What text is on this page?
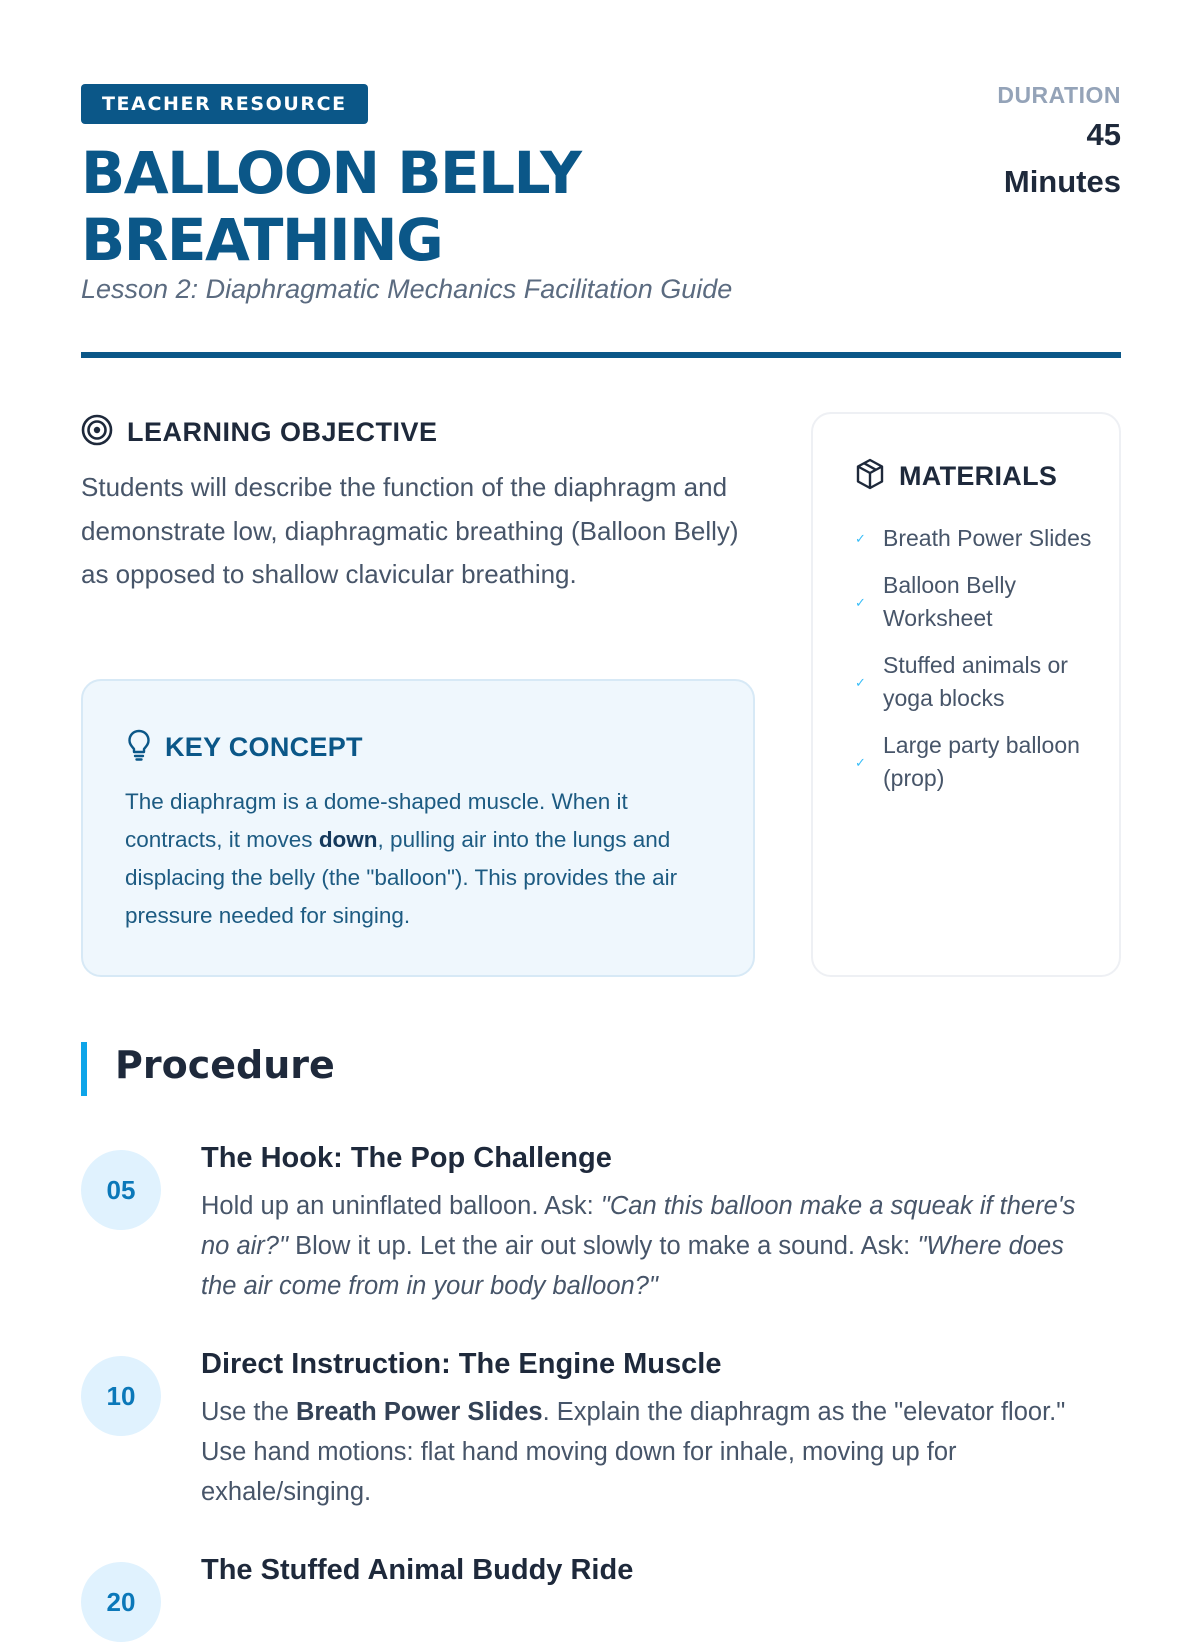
TEACHER RESOURCE
BALLOON BELLY
BREATHING
Lesson 2: Diaphragmatic Mechanics Facilitation Guide
DURATION
45
Minutes
LEARNING OBJECTIVE
Students will describe the function of the diaphragm and demonstrate low, diaphragmatic breathing (Balloon Belly) as opposed to shallow clavicular breathing.
KEY CONCEPT
The diaphragm is a dome-shaped muscle. When it contracts, it moves down, pulling air into the lungs and displacing the belly (the "balloon"). This provides the air pressure needed for singing.
MATERIALS
✓ Breath Power Slides
✓
Balloon Belly Worksheet
✓
Stuffed animals or yoga blocks
✓
Large party balloon (prop)
Procedure
05
The Hook: The Pop Challenge
Hold up an uninflated balloon. Ask: "Can this balloon make a squeak if there's no air?" Blow it up. Let the air out slowly to make a sound. Ask: "Where does the air come from in your body balloon?"
10
Direct Instruction: The Engine Muscle
Use the Breath Power Slides. Explain the diaphragm as the "elevator floor." Use hand motions: flat hand moving down for inhale, moving up for exhale/singing.
20
The Stuffed Animal Buddy Ride
